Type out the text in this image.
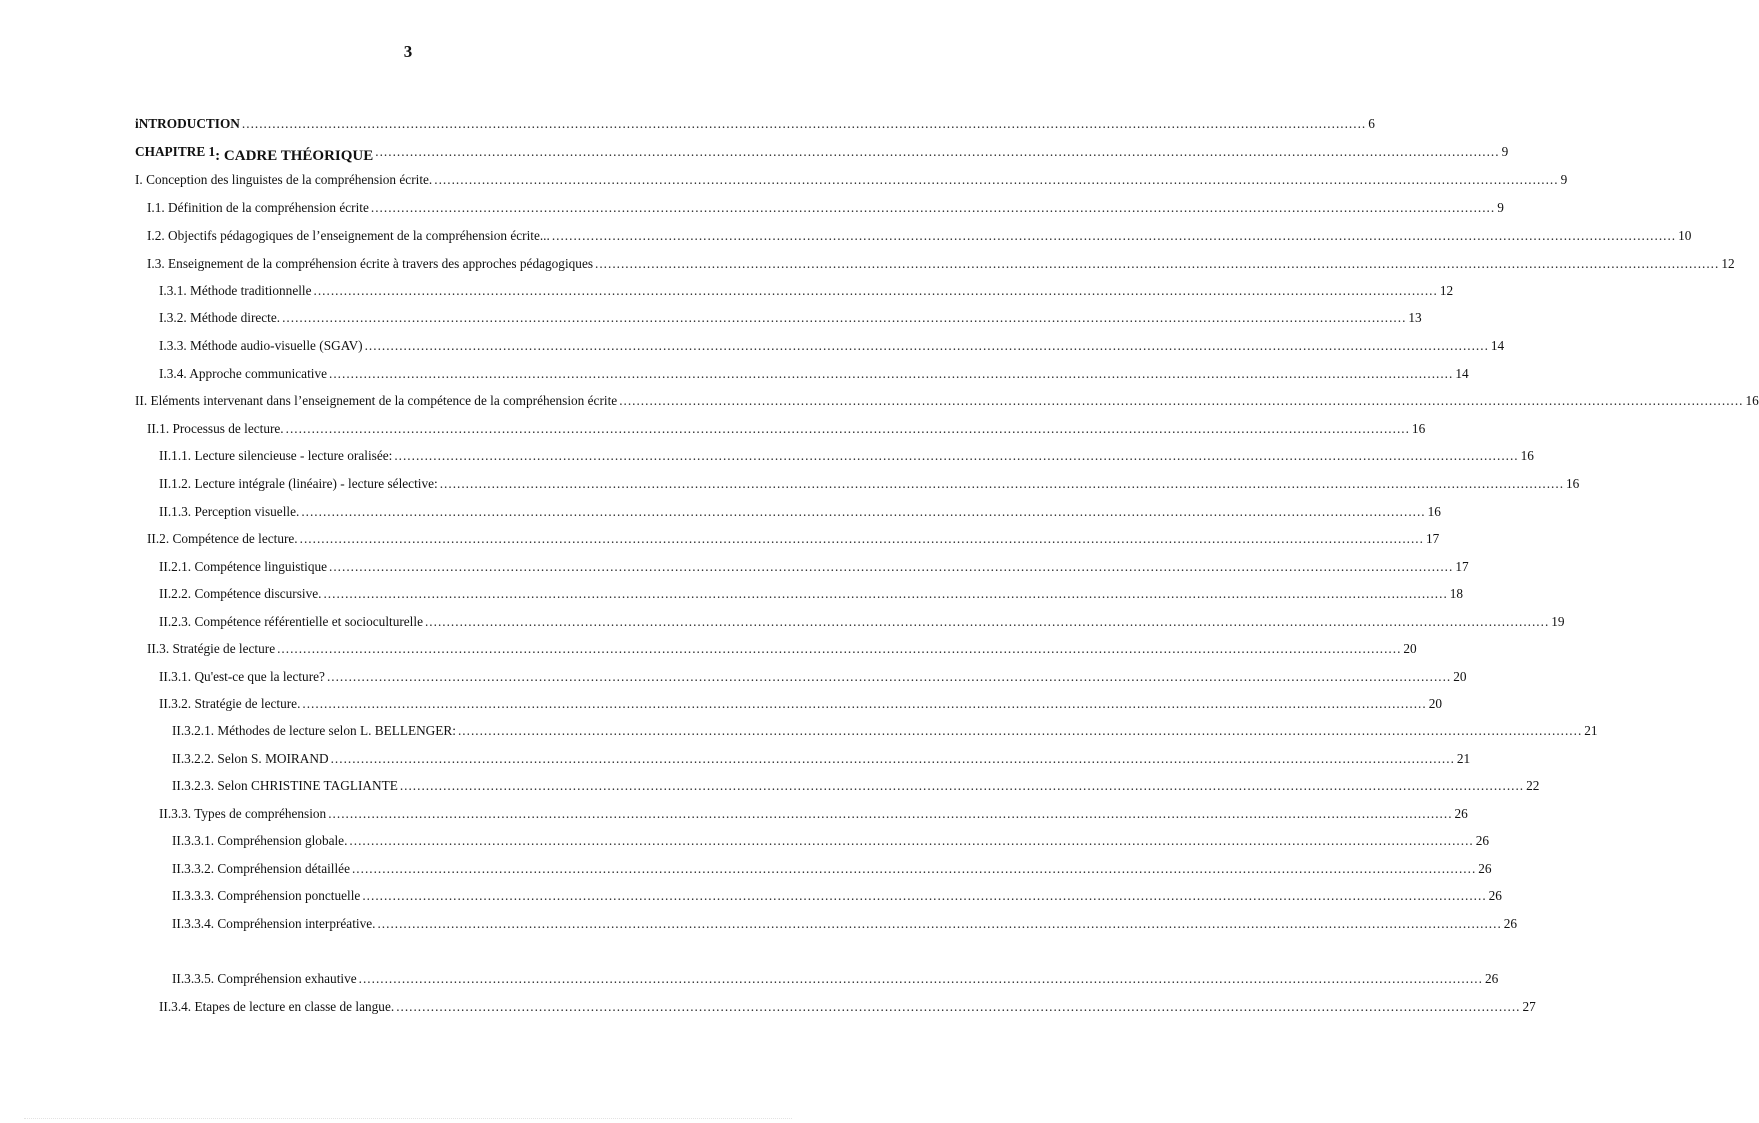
3
iNTRODUCTION .................................................................................................................................................................................................................................................................... 6
CHAPITRE 1 : CADRE THÉORIQUE .................................................................................................................................................................................................................................................................... 9
I. Conception des linguistes de la compréhension écrite. .................................................................................................................................................................................................................................................................... 9
I.1. Définition de la compréhension écrite .................................................................................................................................................................................................................................................................... 9
I.2. Objectifs pédagogiques de l’enseignement de la compréhension écrite... .................................................................................................................................................................................................................................................................... 10
I.3. Enseignement de la compréhension écrite à travers des approches pédagogiques .................................................................................................................................................................................................................................................................... 12
I.3.1. Méthode traditionnelle .................................................................................................................................................................................................................................................................... 12
I.3.2. Méthode directe. .................................................................................................................................................................................................................................................................... 13
I.3.3. Méthode audio-visuelle (SGAV) .................................................................................................................................................................................................................................................................... 14
I.3.4. Approche communicative .................................................................................................................................................................................................................................................................... 14
II. Eléments intervenant dans l’enseignement de la compétence de la compréhension écrite .................................................................................................................................................................................................................................................................... 16
II.1. Processus de lecture. .................................................................................................................................................................................................................................................................... 16
II.1.1. Lecture silencieuse - lecture oralisée: .................................................................................................................................................................................................................................................................... 16
II.1.2. Lecture intégrale (linéaire) - lecture sélective: .................................................................................................................................................................................................................................................................... 16
II.1.3. Perception visuelle. .................................................................................................................................................................................................................................................................... 16
II.2. Compétence de lecture. .................................................................................................................................................................................................................................................................... 17
II.2.1. Compétence linguistique .................................................................................................................................................................................................................................................................... 17
II.2.2. Compétence discursive. .................................................................................................................................................................................................................................................................... 18
II.2.3. Compétence référentielle et socioculturelle .................................................................................................................................................................................................................................................................... 19
II.3. Stratégie de lecture .................................................................................................................................................................................................................................................................... 20
II.3.1. Qu'est-ce que la lecture? .................................................................................................................................................................................................................................................................... 20
II.3.2. Stratégie de lecture. .................................................................................................................................................................................................................................................................... 20
II.3.2.1. Méthodes de lecture selon L. BELLENGER: .................................................................................................................................................................................................................................................................... 21
II.3.2.2. Selon S. MOIRAND .................................................................................................................................................................................................................................................................... 21
II.3.2.3. Selon CHRISTINE TAGLIANTE .................................................................................................................................................................................................................................................................... 22
II.3.3. Types de compréhension .................................................................................................................................................................................................................................................................... 26
II.3.3.1. Compréhension globale. .................................................................................................................................................................................................................................................................... 26
II.3.3.2. Compréhension détaillée .................................................................................................................................................................................................................................................................... 26
II.3.3.3. Compréhension ponctuelle .................................................................................................................................................................................................................................................................... 26
II.3.3.4. Compréhension interpréative. .................................................................................................................................................................................................................................................................... 26
II.3.3.5. Compréhension exhautive .................................................................................................................................................................................................................................................................... 26
II.3.4. Etapes de lecture en classe de langue. .................................................................................................................................................................................................................................................................... 27
